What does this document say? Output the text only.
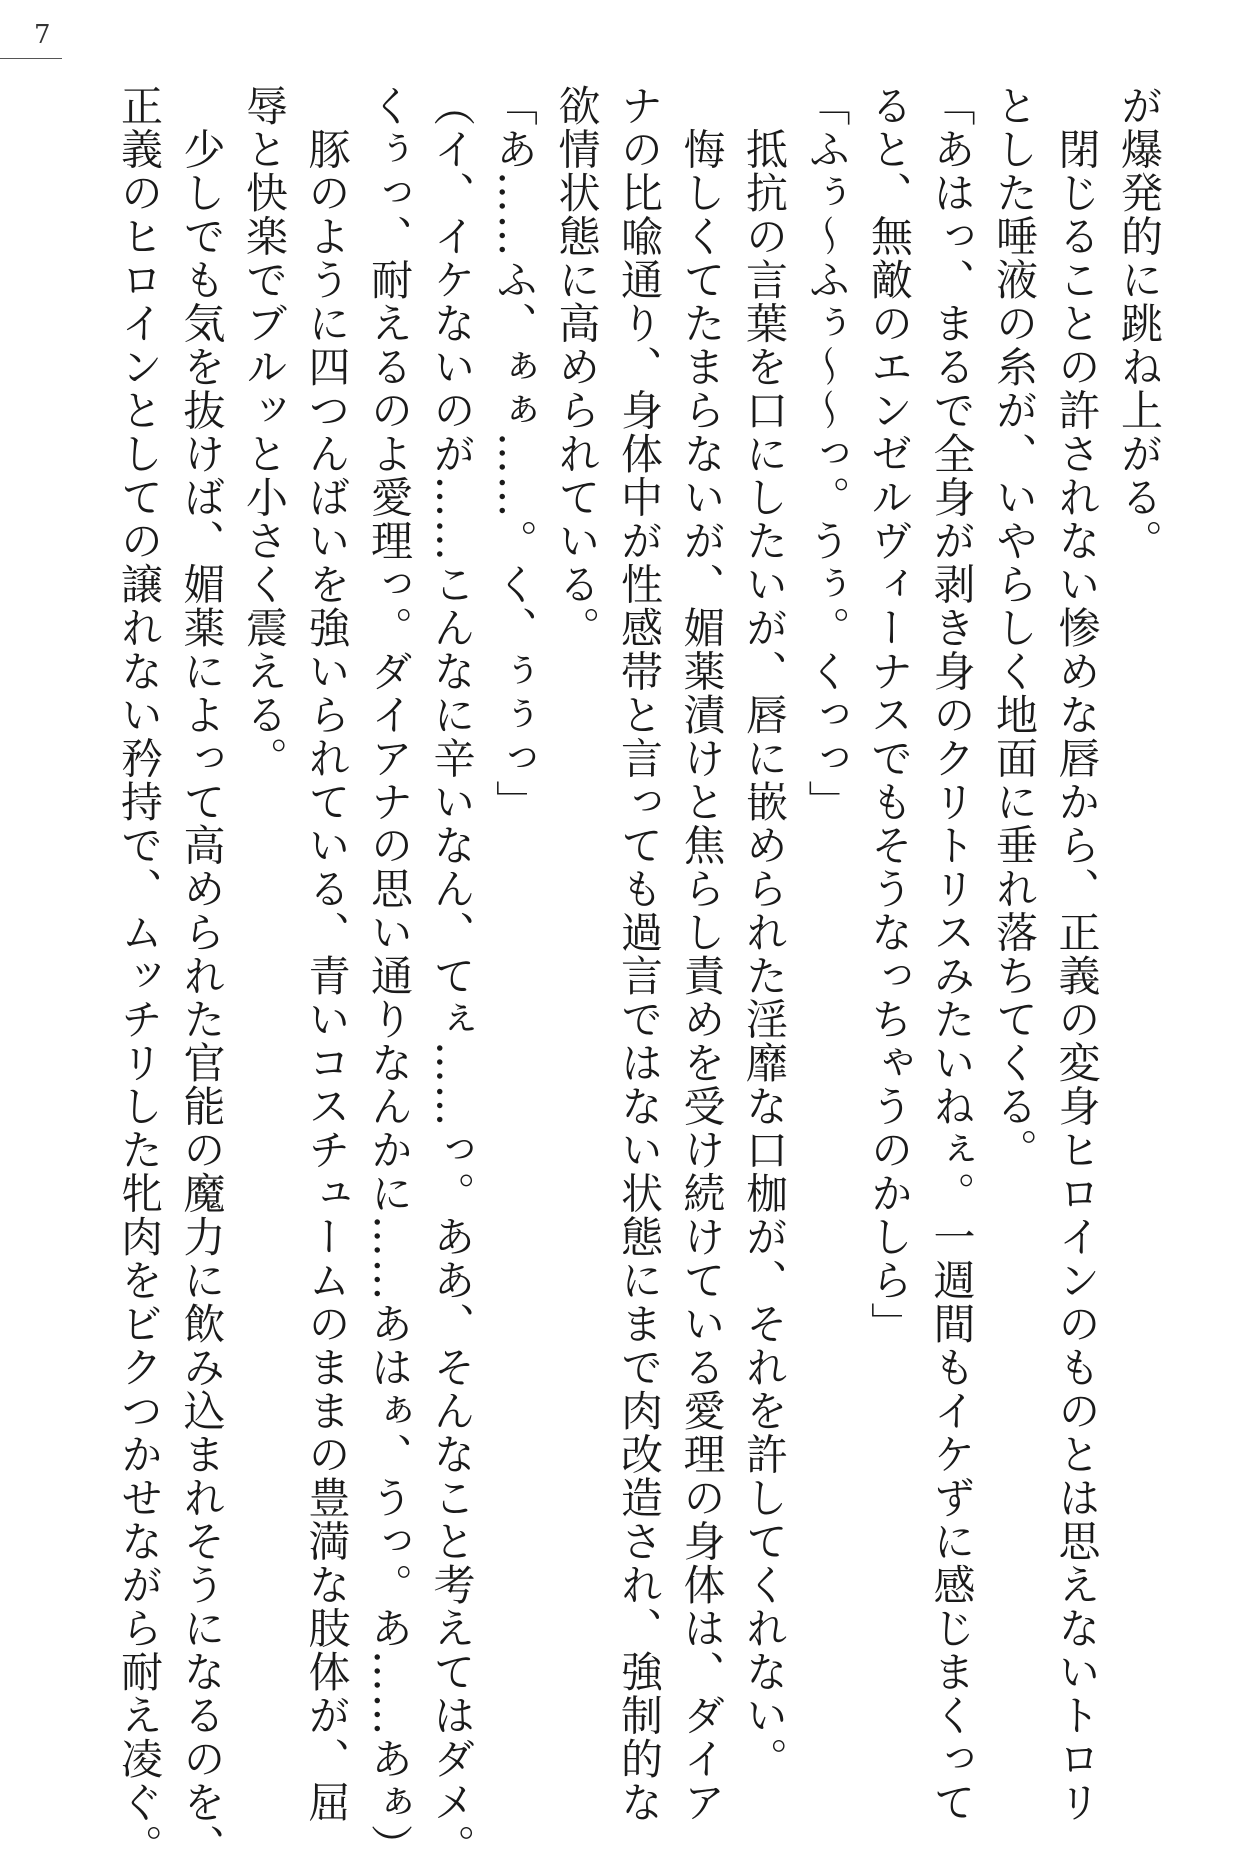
7
が爆発的に跳ね上がる。
　閉じることの許されない惨めな唇から、正義の変身ヒロインのものとは思えないトロリ
とした唾液の糸が、いやらしく地面に垂れ落ちてくる。
「あはっ、まるで全身が剥き身のクリトリスみたいねぇ。一週間もイケずに感じまくって
ると、無敵のエンゼルヴィーナスでもそうなっちゃうのかしら」
「ふぅ〜ふぅ〜〜っ。うぅ。くっっ」
　抵抗の言葉を口にしたいが、唇に嵌められた淫靡な口枷が、それを許してくれない。
　悔しくてたまらないが、媚薬漬けと焦らし責めを受け続けている愛理の身体は、ダイア
ナの比喩通り、身体中が性感帯と言っても過言ではない状態にまで肉改造され、強制的な
欲情状態に高められている。
「あ……ふ、ぁぁ……。く、ぅぅっ」
（イ、イケないのが……こんなに辛いなん、てぇ……っ。ああ、そんなこと考えてはダメ。
くぅっ、耐えるのよ愛理っ。ダイアナの思い通りなんかに……あはぁ、うっ。あ……あぁ）
　豚のように四つんばいを強いられている、青いコスチュームのままの豊満な肢体が、屈
辱と快楽でブルッと小さく震える。
　少しでも気を抜けば、媚薬によって高められた官能の魔力に飲み込まれそうになるのを、
正義のヒロインとしての譲れない矜持で、ムッチリした牝肉をビクつかせながら耐え凌ぐ。
